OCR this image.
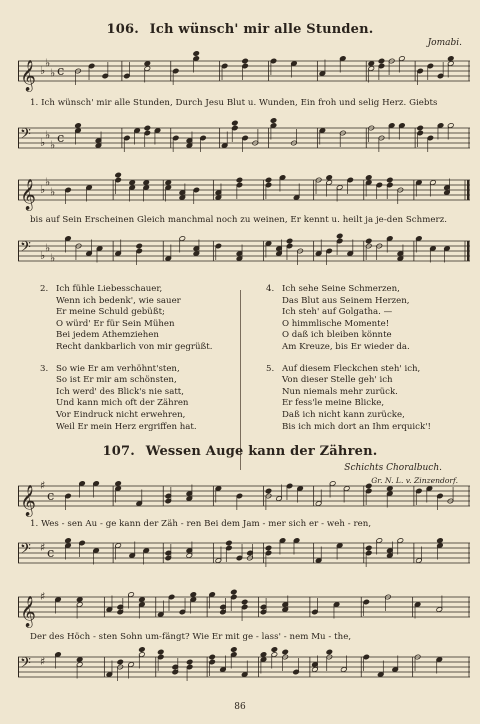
106. Ich wünsch' mir alle Stunden.
Jomabi.
𝄞 ♭
♭
♭ c
1. Ich wünsch' mir alle Stunden, Durch Jesu Blut u. Wunden, Ein froh und selig Herz. Giebts
𝄢 ♭
♭
♭ c
𝄞 ♭
♭
♭
bis auf Sein Erscheinen Gleich manchmal noch zu weinen, Er kennt u. heilt ja je-den Schmerz.
𝄢 ♭
♭
♭
2. Ich fühle Liebesschauer,
Wenn ich bedenk', wie sauer
Er meine Schuld gebüßt;
O würd' Er für Sein Mühen
Bei jedem Athemziehen
Recht dankbarlich von mir gegrüßt.
3. So wie Er am verhöhnt'sten,
So ist Er mir am schönsten,
Ich werd' des Blick's nie satt,
Und kann mich oft der Zähren
Vor Eindruck nicht erwehren,
Weil Er mein Herz ergriffen hat.
4. Ich sehe Seine Schmerzen,
Das Blut aus Seinem Herzen,
Ich steh' auf Golgatha. —
O himmlische Momente!
O daß ich bleiben könnte
Am Kreuze, bis Er wieder da.
5. Auf diesem Fleckchen steh' ich,
Von dieser Stelle geh' ich
Nun niemals mehr zurück.
Er fess'le meine Blicke,
Daß ich nicht kann zurücke,
Bis ich mich dort an Ihm erquick'!
Gr. N. L. v. Zinzendorf.
107. Wessen Auge kann der Zähren.
Schichts Choralbuch.
𝄞 ♯
c
1. Wes - sen Au - ge kann der Zäh - ren Bei dem Jam - mer sich er - weh - ren,
𝄢 ♯ c
𝄞 ♯
Der des Höch - sten Sohn um-fängt? Wie Er mit ge - lass' - nem Mu - the,
𝄢 ♯
86
